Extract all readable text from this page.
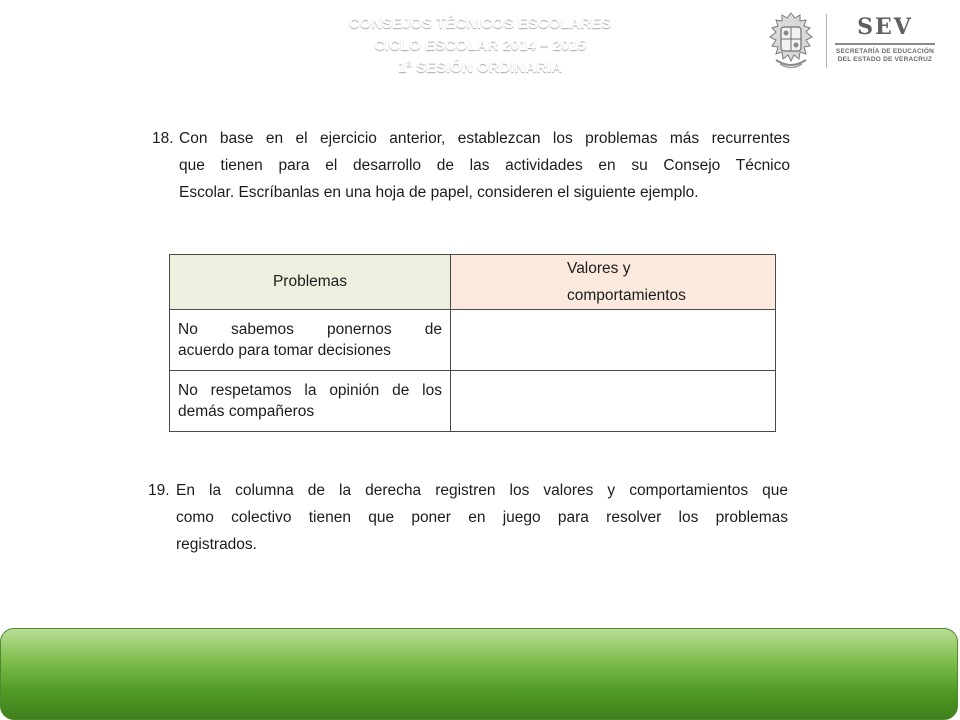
SEV
SECRETARÍA DE EDUCACIÓN
DEL ESTADO DE VERACRUZ
18. Con base en el ejercicio anterior, establezcan los problemas más recurrentes
que tienen para el desarrollo de las actividades en su Consejo Técnico
Escolar. Escríbanlas en una hoja de papel, consideren el siguiente ejemplo.
Problemas	Valores y
comportamientos

No sabemos ponernos de
acuerdo para tomar decisiones	

No respetamos la opinión de los
demás compañeros	

19. En la columna de la derecha registren los valores y comportamientos que
como colectivo tienen que poner en juego para resolver los problemas
registrados.
CONSEJOS TÉCNICOS ESCOLARES
CICLO ESCOLAR 2014 – 2015
1ª SESIÓN ORDINARIA
